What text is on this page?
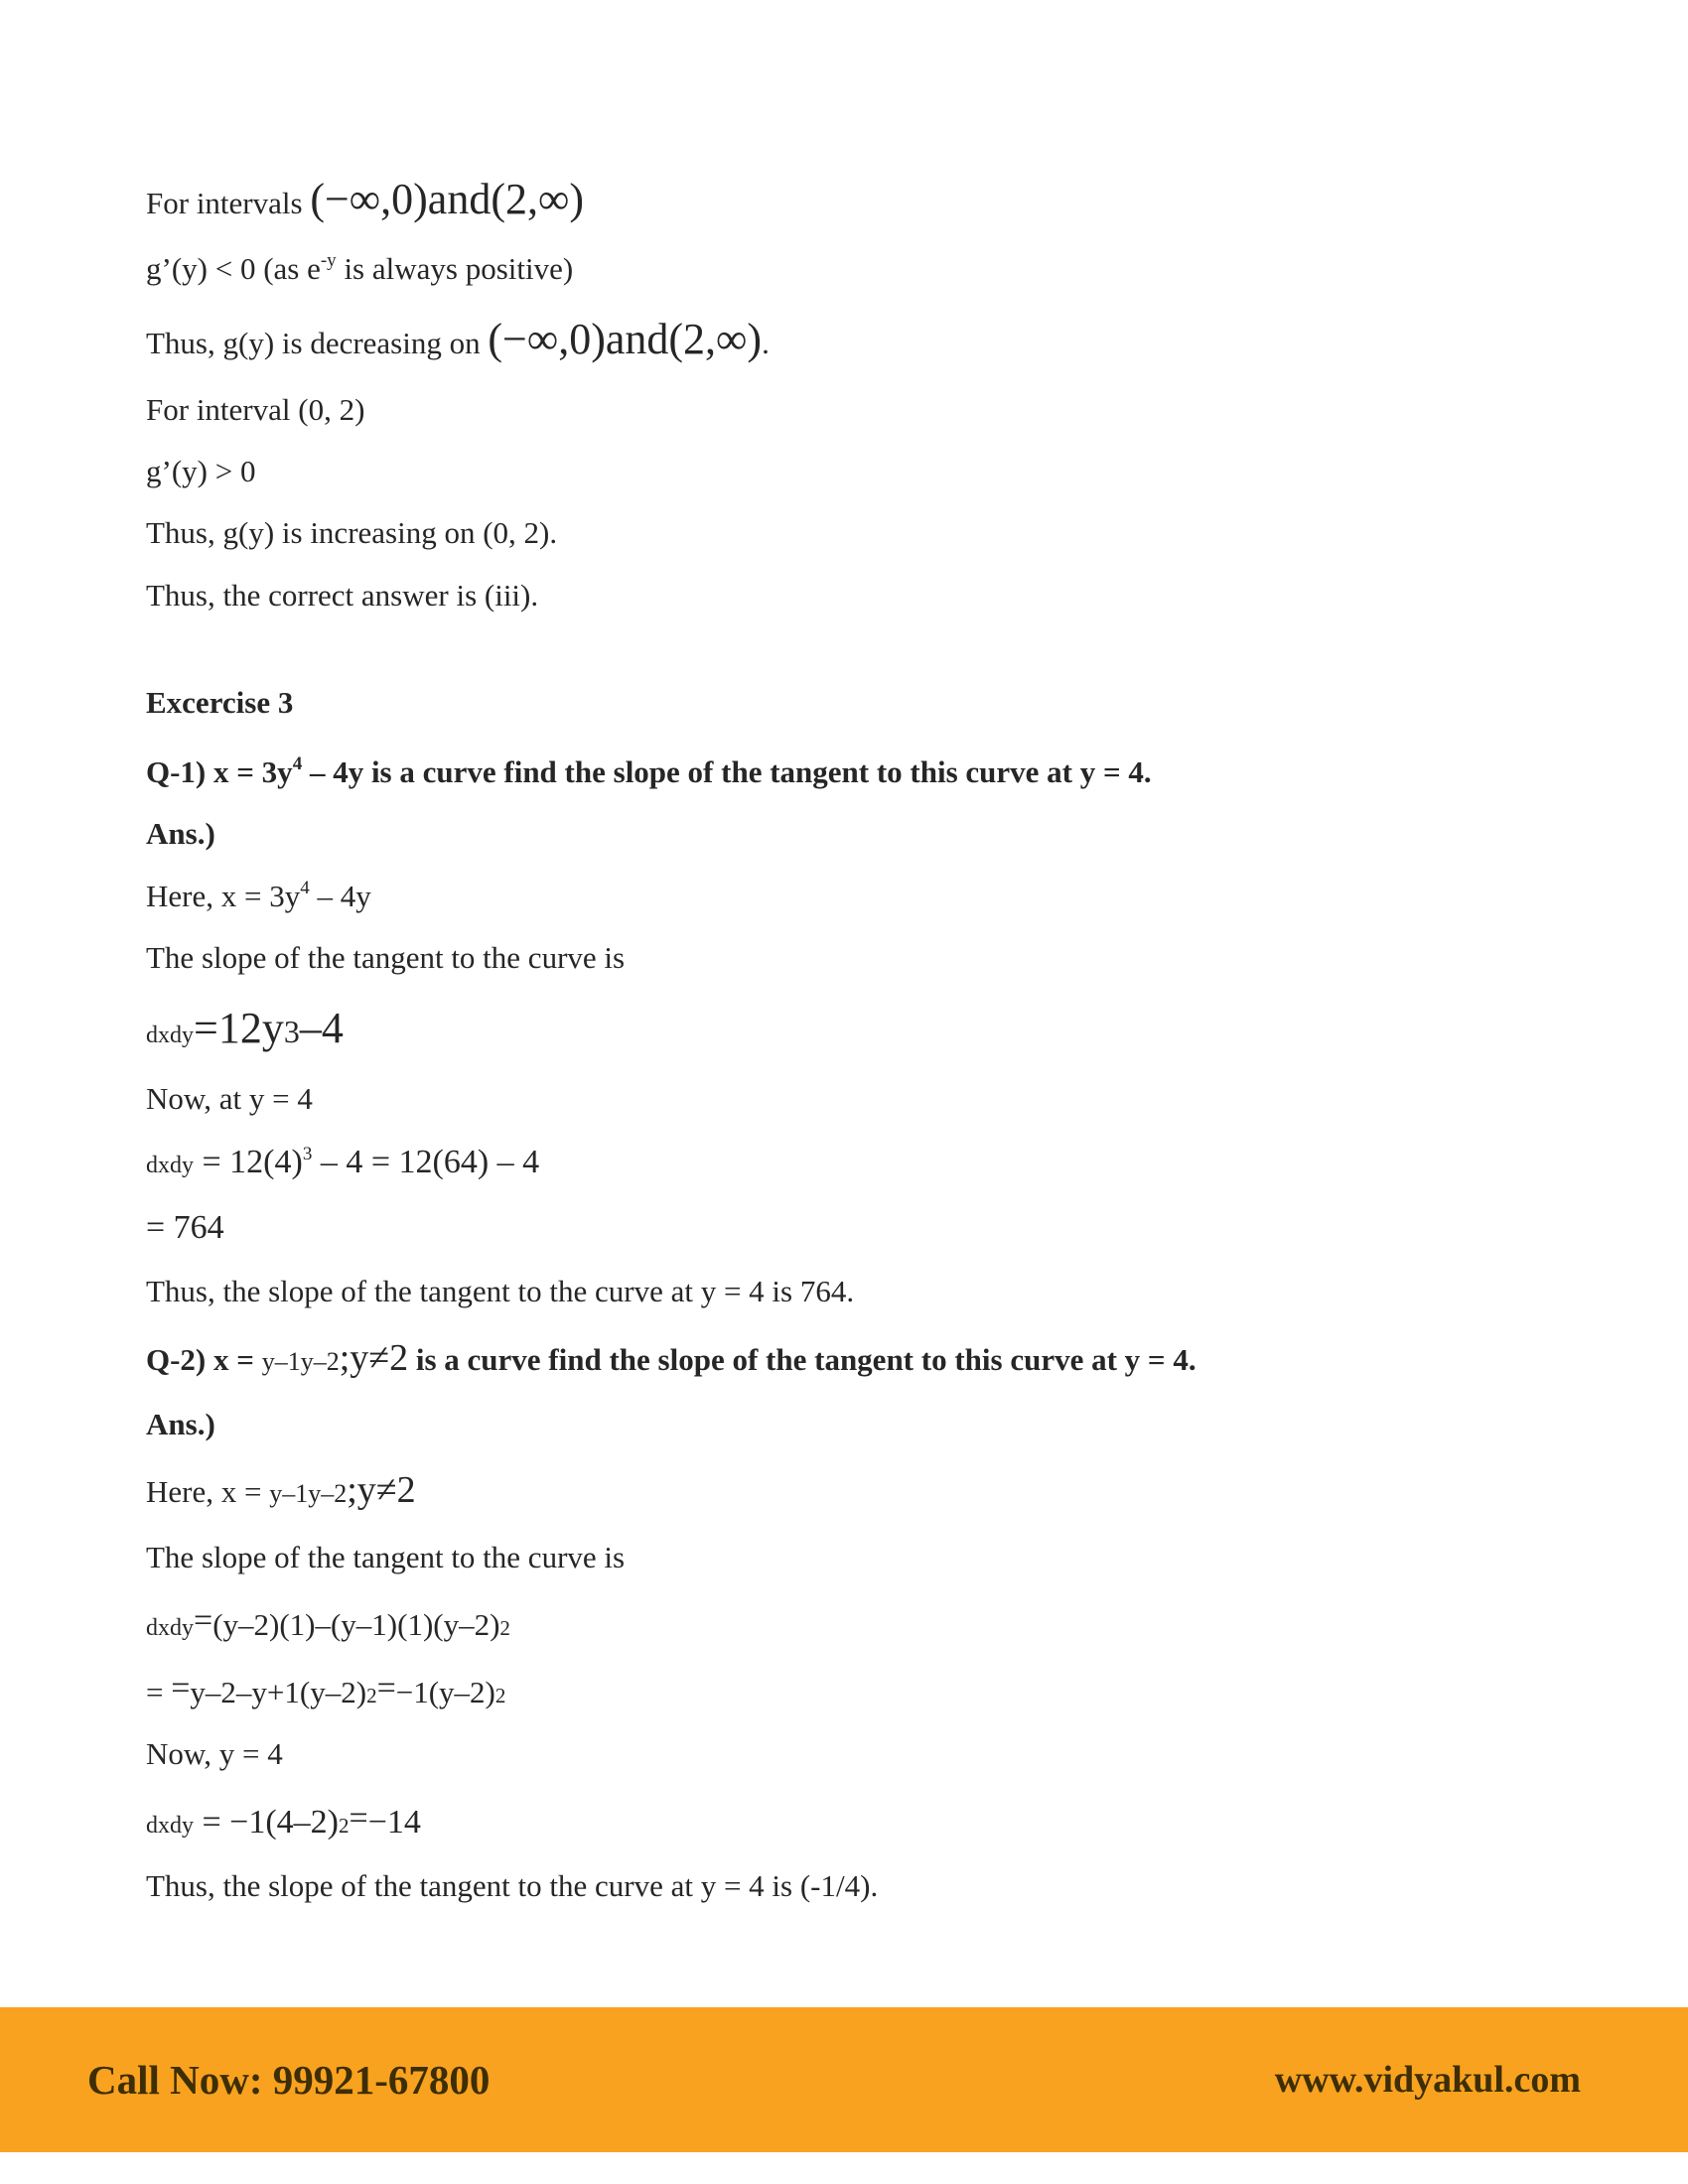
For intervals (−∞,0)and(2,∞)
g’(y) < 0 (as e-y is always positive)
Thus, g(y) is decreasing on (−∞,0)and(2,∞).
For interval (0, 2)
g’(y) > 0
Thus, g(y) is increasing on (0, 2).
Thus, the correct answer is (iii).
Excercise 3
Q-1) x = 3y4 – 4y is a curve find the slope of the tangent to this curve at y = 4.
Ans.)
Here, x = 3y4 – 4y
The slope of the tangent to the curve is
dxdy=12y3–4
Now, at y = 4
dxdy = 12(4)3 – 4 = 12(64) – 4
= 764
Thus, the slope of the tangent to the curve at y = 4 is 764.
Q-2) x = y–1y–2;y≠2 is a curve find the slope of the tangent to this curve at y = 4.
Ans.)
Here, x = y–1y–2;y≠2
The slope of the tangent to the curve is
dxdy=(y–2)(1)–(y–1)(1)(y–2)2
= =y–2–y+1(y–2)2=−1(y–2)2
Now, y = 4
dxdy = −1(4–2)2=−14
Thus, the slope of the tangent to the curve at y = 4 is (-1/4).
Call Now: 99921-67800	www.vidyakul.com
